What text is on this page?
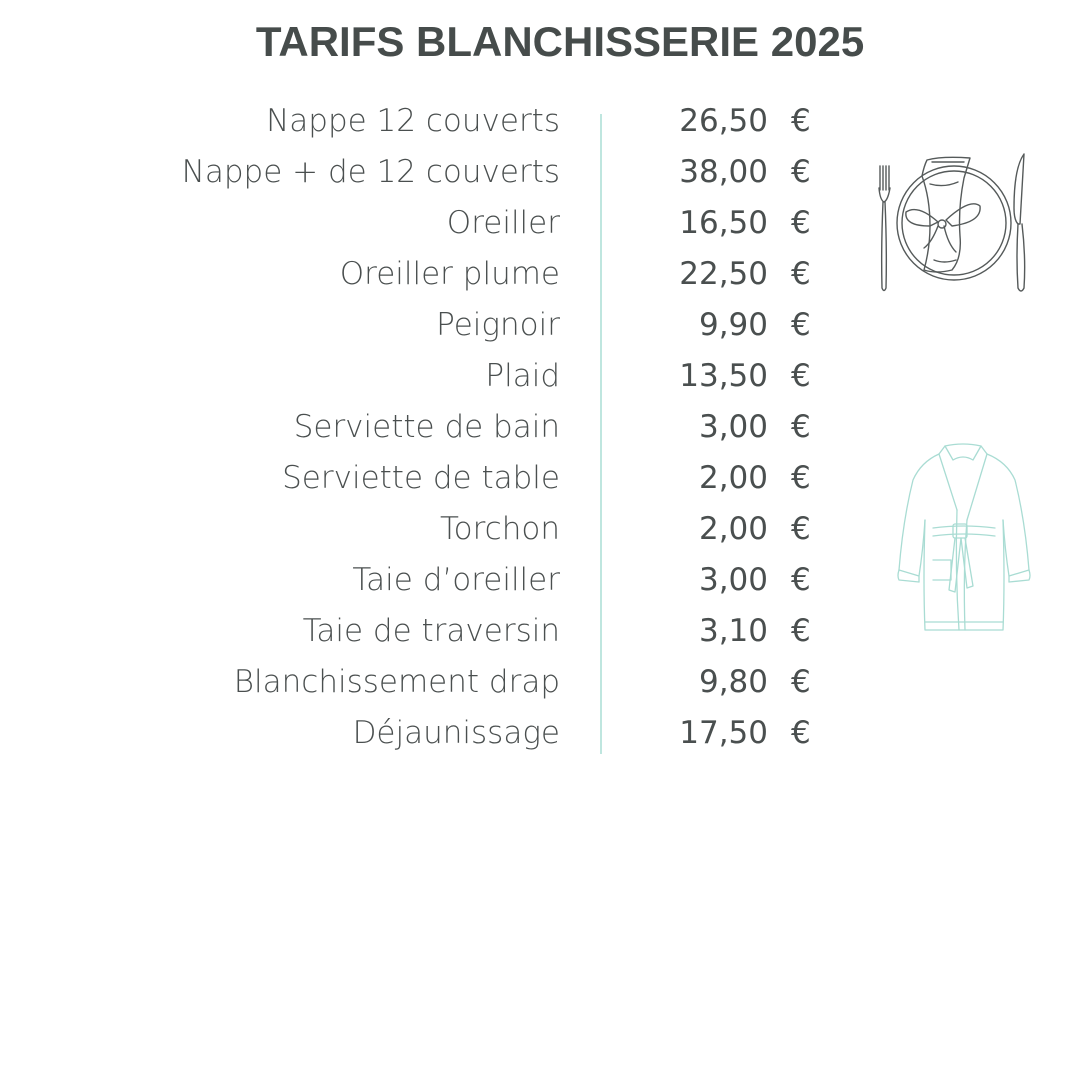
TARIFS BLANCHISSERIE 2025
Nappe 12 couverts	26,50 €
Nappe + de 12 couverts	38,00 €
Oreiller	16,50 €
Oreiller plume	22,50 €
Peignoir	9,90 €
Plaid	13,50 €
Serviette de bain	3,00 €
Serviette de table	2,00 €
Torchon	2,00 €
Taie d’oreiller	3,00 €
Taie de traversin	3,10 €
Blanchissement drap	9,80 €
Déjaunissage	17,50 €
